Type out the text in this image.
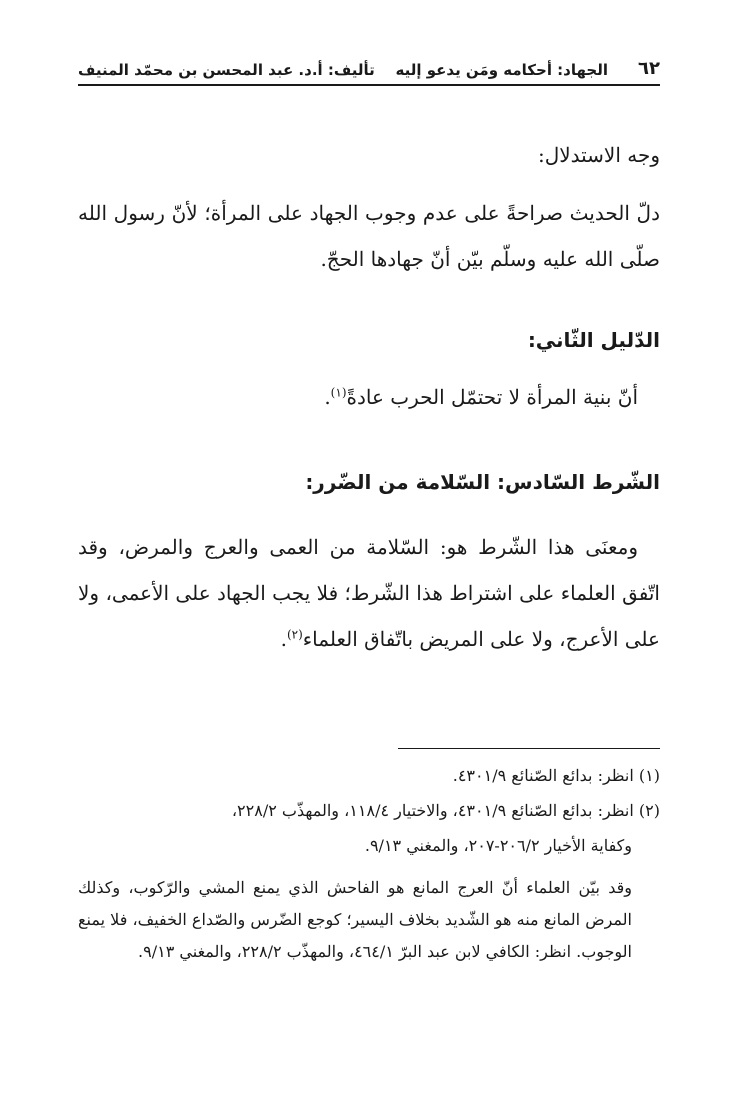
٦٢
الجهاد: أحكامه ومَن يدعو إليه
تأليف: أ.د. عبد المحسن بن محمّد المنيف

وجه الاستدلال:

دلّ الحديث صراحةً على عدم وجوب الجهاد على المرأة؛ لأنّ رسول الله صلّى الله عليه وسلّم بيّن أنّ جهادها الحجّ.

الدّليل الثّاني:

أنّ بنية المرأة لا تحتمّل الحرب عادةً$^{(١)}$.

الشّرط السّادس: السّلامة من الضّرر:

ومعنَى هذا الشّرط هو: السّلامة من العمى والعرج والمرض، وقد اتّفق العلماء على اشتراط هذا الشّرط؛ فلا يجب الجهاد على الأعمى، ولا على الأعرج، ولا على المريض باتّفاق العلماء$^{(٢)}$.

(١) انظر: بدائع الصّنائع ٤٣٠١/٩.

(٢) انظر: بدائع الصّنائع ٤٣٠١/٩، والاختيار ١١٨/٤، والمهذّب ٢٢٨/٢،

وكفاية الأخيار ٢٠٦/٢-٢٠٧، والمغني ٩/١٣.

وقد بيّن العلماء أنّ العرج المانع هو الفاحش الذي يمنع المشي والرّكوب، وكذلك المرض المانع منه هو الشّديد بخلاف اليسير؛ كوجع الضّرس والصّداع الخفيف، فلا يمنع الوجوب. انظر: الكافي لابن عبد البرّ ٤٦٤/١، والمهذّب ٢٢٨/٢، والمغني ٩/١٣.
